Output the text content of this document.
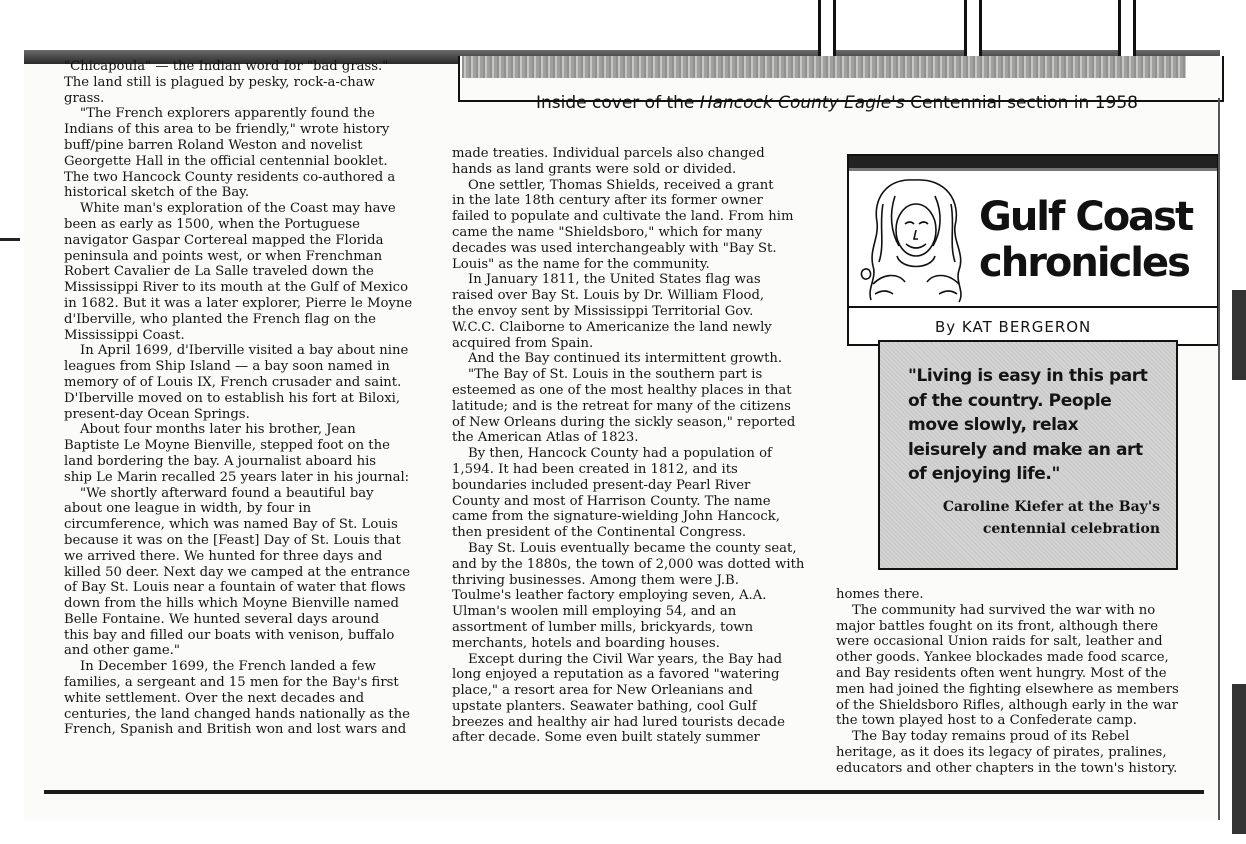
Inside cover of the Hancock County Eagle's Centennial section in 1958

"Chicapoula" — the Indian word for "bad grass."

The land still is plagued by pesky, rock-a-chaw

grass.

"The French explorers apparently found the

Indians of this area to be friendly," wrote history

buff/pine barren Roland Weston and novelist

Georgette Hall in the official centennial booklet.

The two Hancock County residents co-authored a

historical sketch of the Bay.

White man's exploration of the Coast may have

been as early as 1500, when the Portuguese

navigator Gaspar Cortereal mapped the Florida

peninsula and points west, or when Frenchman

Robert Cavalier de La Salle traveled down the

Mississippi River to its mouth at the Gulf of Mexico

in 1682. But it was a later explorer, Pierre le Moyne

d'Iberville, who planted the French flag on the

Mississippi Coast.

In April 1699, d'Iberville visited a bay about nine

leagues from Ship Island — a bay soon named in

memory of of Louis IX, French crusader and saint.

D'Iberville moved on to establish his fort at Biloxi,

present-day Ocean Springs.

About four months later his brother, Jean

Baptiste Le Moyne Bienville, stepped foot on the

land bordering the bay. A journalist aboard his

ship Le Marin recalled 25 years later in his journal:

"We shortly afterward found a beautiful bay

about one league in width, by four in

circumference, which was named Bay of St. Louis

because it was on the [Feast] Day of St. Louis that

we arrived there. We hunted for three days and

killed 50 deer. Next day we camped at the entrance

of Bay St. Louis near a fountain of water that flows

down from the hills which Moyne Bienville named

Belle Fontaine. We hunted several days around

this bay and filled our boats with venison, buffalo

and other game."

In December 1699, the French landed a few

families, a sergeant and 15 men for the Bay's first

white settlement. Over the next decades and

centuries, the land changed hands nationally as the

French, Spanish and British won and lost wars and

made treaties. Individual parcels also changed

hands as land grants were sold or divided.

One settler, Thomas Shields, received a grant

in the late 18th century after its former owner

failed to populate and cultivate the land. From him

came the name "Shieldsboro," which for many

decades was used interchangeably with "Bay St.

Louis" as the name for the community.

In January 1811, the United States flag was

raised over Bay St. Louis by Dr. William Flood,

the envoy sent by Mississippi Territorial Gov.

W.C.C. Claiborne to Americanize the land newly

acquired from Spain.

And the Bay continued its intermittent growth.

"The Bay of St. Louis in the southern part is

esteemed as one of the most healthy places in that

latitude; and is the retreat for many of the citizens

of New Orleans during the sickly season," reported

the American Atlas of 1823.

By then, Hancock County had a population of

1,594. It had been created in 1812, and its

boundaries included present-day Pearl River

County and most of Harrison County. The name

came from the signature-wielding John Hancock,

then president of the Continental Congress.

Bay St. Louis eventually became the county seat,

and by the 1880s, the town of 2,000 was dotted with

thriving businesses. Among them were J.B.

Toulme's leather factory employing seven, A.A.

Ulman's woolen mill employing 54, and an

assortment of lumber mills, brickyards, town

merchants, hotels and boarding houses.

Except during the Civil War years, the Bay had

long enjoyed a reputation as a favored "watering

place," a resort area for New Orleanians and

upstate planters. Seawater bathing, cool Gulf

breezes and healthy air had lured tourists decade

after decade. Some even built stately summer

homes there.

The community had survived the war with no

major battles fought on its front, although there

were occasional Union raids for salt, leather and

other goods. Yankee blockades made food scarce,

and Bay residents often went hungry. Most of the

men had joined the fighting elsewhere as members

of the Shieldsboro Rifles, although early in the war

the town played host to a Confederate camp.

The Bay today remains proud of its Rebel

heritage, as it does its legacy of pirates, pralines,

educators and other chapters in the town's history.

Gulf Coast
chronicles
By KAT BERGERON
"Living is easy in this part
of the country. People
move slowly, relax
leisurely and make an art
of enjoying life."
Caroline Kiefer at the Bay's
centennial celebration
